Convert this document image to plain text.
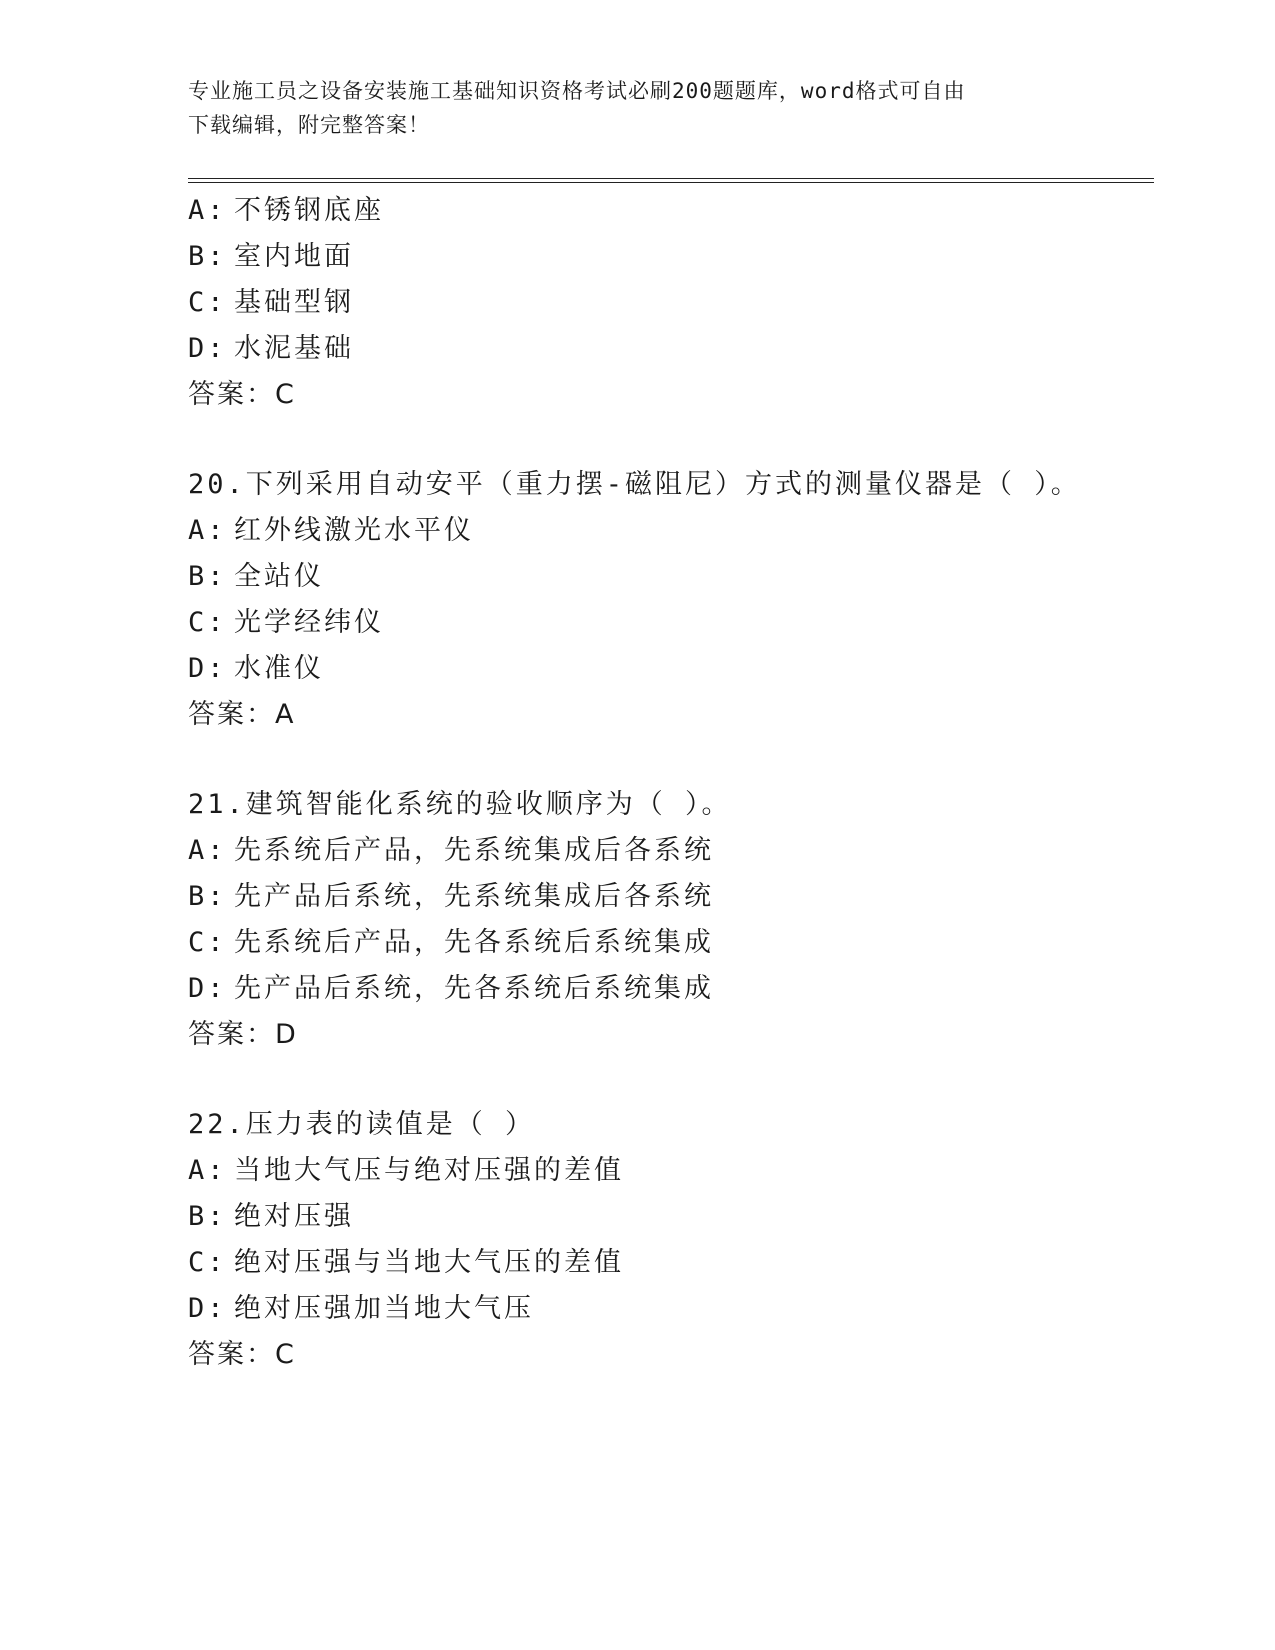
专业施工员之设备安装施工基础知识资格考试必刷200题题库，word格式可自由
下载编辑，附完整答案！
A: 不锈钢底座
B: 室内地面
C: 基础型钢
D: 水泥基础
答案：C
20.下列采用自动安平（重力摆-磁阻尼）方式的测量仪器是（ ）。
A: 红外线激光水平仪
B: 全站仪
C: 光学经纬仪
D: 水准仪
答案：A
21.建筑智能化系统的验收顺序为（ ）。
A: 先系统后产品，先系统集成后各系统
B: 先产品后系统，先系统集成后各系统
C: 先系统后产品，先各系统后系统集成
D: 先产品后系统，先各系统后系统集成
答案：D
22.压力表的读值是（ ）
A: 当地大气压与绝对压强的差值
B: 绝对压强
C: 绝对压强与当地大气压的差值
D: 绝对压强加当地大气压
答案：C
